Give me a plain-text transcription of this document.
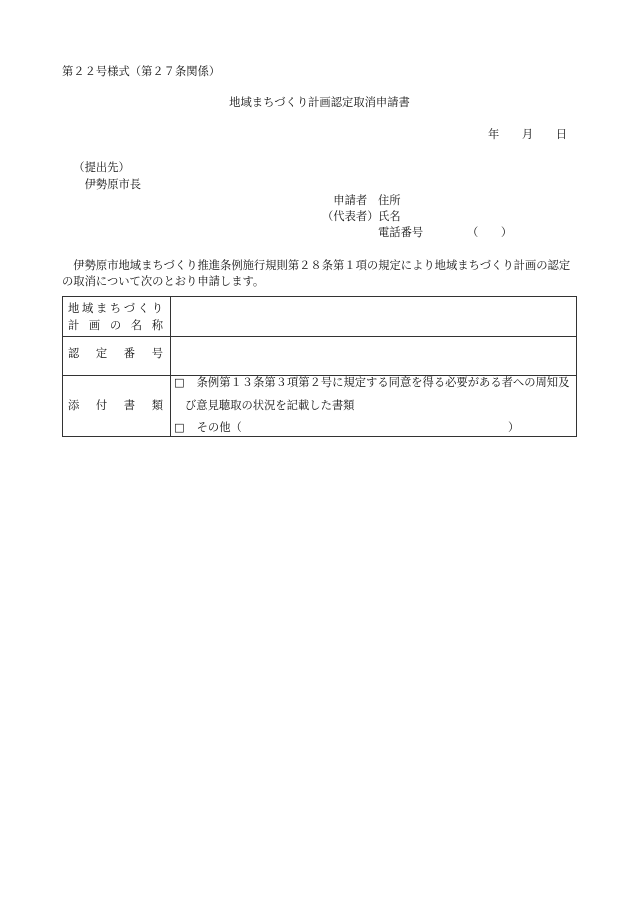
第２２号様式（第２７条関係）
地域まちづくり計画認定取消申請書
年　　月　　日
（提出先）
伊勢原市長
申請者 住所
（代表者） 氏名
電話番号	（　　）
伊勢原市地域まちづくり推進条例施行規則第２８条第１項の規定により地域まちづくり計画の認定
の取消について次のとおり申請します。
地域まちづくり
計画の名称
認定番号
添付書類
□ 条例第１３条第３項第２号に規定する同意を得る必要がある者への周知及
び意見聴取の状況を記載した書類
□ その他（	）
